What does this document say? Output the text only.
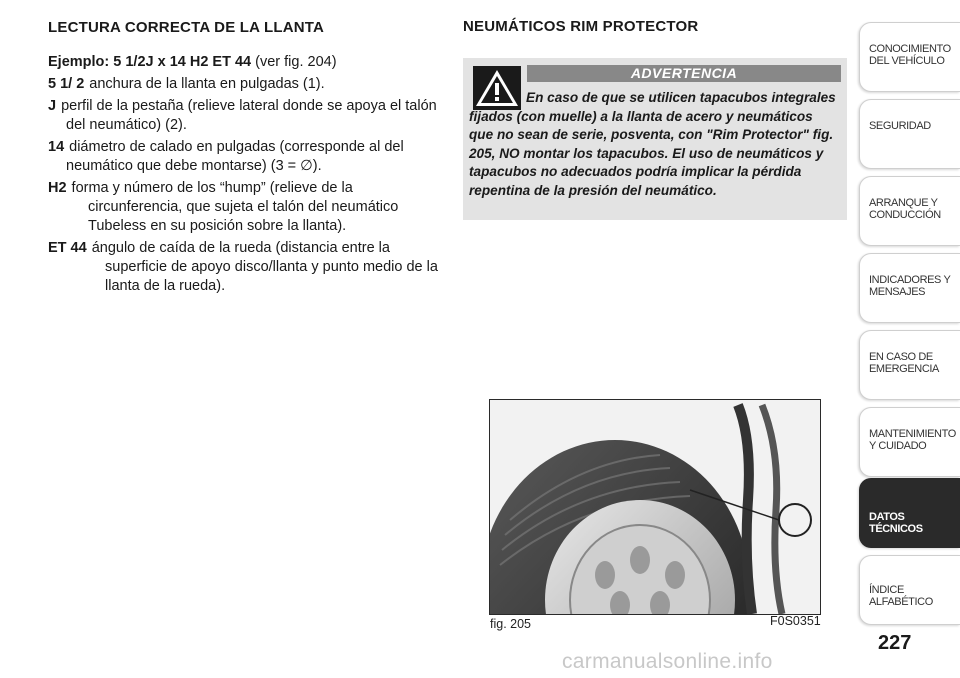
LECTURA CORRECTA DE LA LLANTA
Ejemplo: 5 1/2J x 14 H2 ET 44 (ver fig. 204)
5 1/ 2 anchura de la llanta en pulgadas (1).
J perfil de la pestaña (relieve lateral donde se apoya el talón del neumático) (2).
14 diámetro de calado en pulgadas (corresponde al del neumático que debe montarse) (3 = ∅).
H2 forma y número de los “hump” (relieve de la circunferencia, que sujeta el talón del neumático Tubeless en su posición sobre la llanta).
ET 44 ángulo de caída de la rueda (distancia entre la superficie de apoyo disco/llanta y punto medio de la llanta de la rueda).
NEUMÁTICOS RIM PROTECTOR
ADVERTENCIA
En caso de que se utilicen tapacubos integrales fijados (con muelle) a la llanta de acero y neumáticos que no sean de serie, posventa, con "Rim Protector" fig. 205, NO montar los tapacubos. El uso de neumáticos y tapacubos no adecuados podría implicar la pérdida repentina de la presión del neumático.
fig. 205	F0S0351
CONOCIMIENTO DEL VEHÍCULO
SEGURIDAD
ARRANQUE Y CONDUCCIÓN
INDICADORES Y MENSAJES
EN CASO DE EMERGENCIA
MANTENIMIENTO Y CUIDADO
DATOS TÉCNICOS
ÍNDICE ALFABÉTICO
227
carmanualsonline.info
